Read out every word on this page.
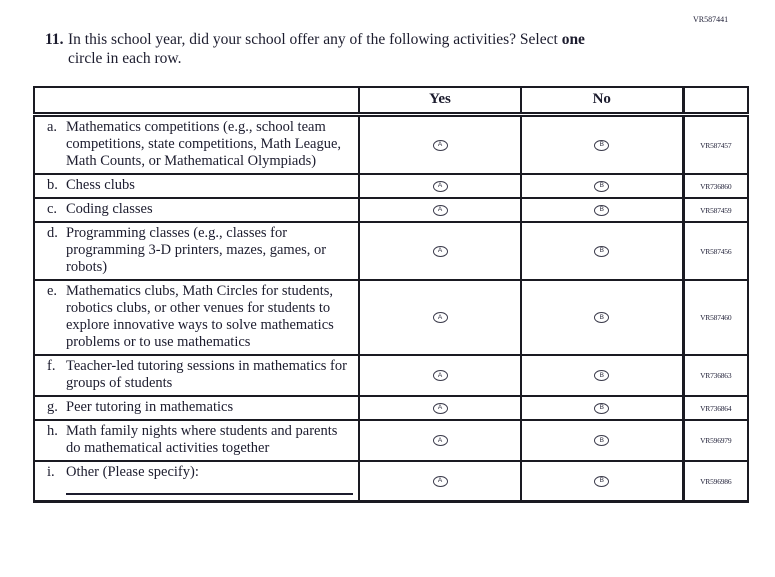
VR587441
11. In this school year, did your school offer any of the following activities? Select one
circle in each row.
	Yes	No	

a. Mathematics competitions (e.g., school team competitions, state competitions, Math League, Math Counts, or Mathematical Olympiads)	A	B	VR587457

b. Chess clubs	A	B	VR736860

c. Coding classes	A	B	VR587459

d. Programming classes (e.g., classes for programming 3-D printers, mazes, games, or robots)	A	B	VR587456

e. Mathematics clubs, Math Circles for students, robotics clubs, or other venues for students to explore innovative ways to solve mathematics problems or to use mathematics	A	B	VR587460

f. Teacher-led tutoring sessions in mathematics for groups of students	A	B	VR736863

g. Peer tutoring in mathematics	A	B	VR736864

h. Math family nights where students and parents do mathematical activities together	A	B	VR596979

i. Other (Please specify):	A	B	VR596986
